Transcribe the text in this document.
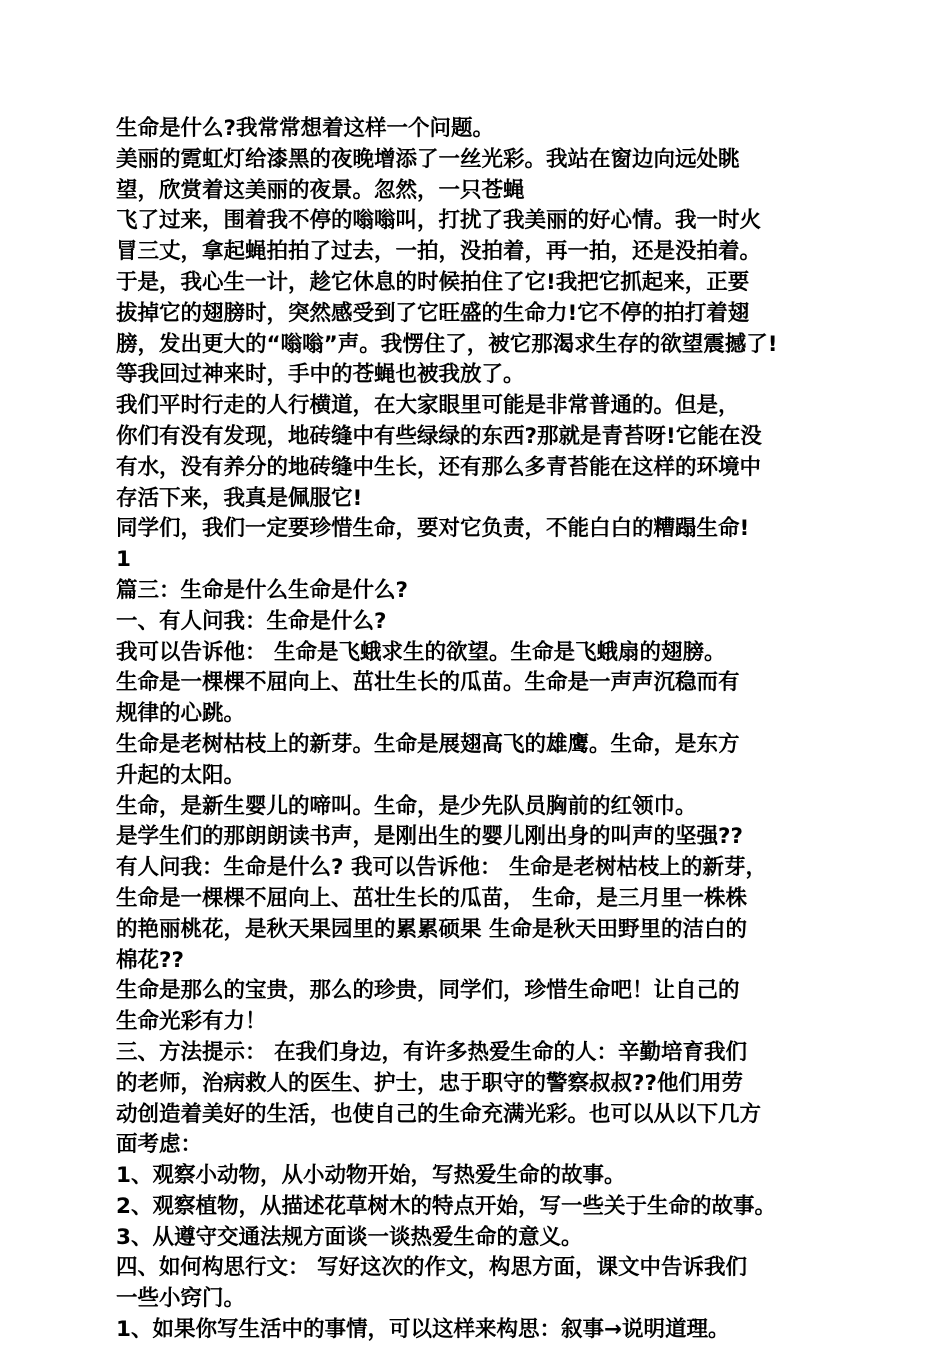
生命是什么?我常常想着这样一个问题。
美丽的霓虹灯给漆黑的夜晚增添了一丝光彩。我站在窗边向远处眺
望，欣赏着这美丽的夜景。忽然，一只苍蝇
飞了过来，围着我不停的嗡嗡叫，打扰了我美丽的好心情。我一时火
冒三丈，拿起蝇拍拍了过去，一拍，没拍着，再一拍，还是没拍着。
于是，我心生一计，趁它休息的时候拍住了它!我把它抓起来，正要
拔掉它的翅膀时，突然感受到了它旺盛的生命力!它不停的拍打着翅
膀，发出更大的“嗡嗡”声。我愣住了，被它那渴求生存的欲望震撼了!
等我回过神来时，手中的苍蝇也被我放了。
我们平时行走的人行横道，在大家眼里可能是非常普通的。但是，
你们有没有发现，地砖缝中有些绿绿的东西?那就是青苔呀!它能在没
有水，没有养分的地砖缝中生长，还有那么多青苔能在这样的环境中
存活下来，我真是佩服它!
同学们，我们一定要珍惜生命，要对它负责，不能白白的糟蹋生命!
1
篇三：生命是什么生命是什么?
一、有人问我：生命是什么?
我可以告诉他： 生命是飞蛾求生的欲望。生命是飞蛾扇的翅膀。
生命是一棵棵不屈向上、茁壮生长的瓜苗。生命是一声声沉稳而有
规律的心跳。
生命是老树枯枝上的新芽。生命是展翅高飞的雄鹰。生命，是东方
升起的太阳。
生命，是新生婴儿的啼叫。生命，是少先队员胸前的红领巾。
是学生们的那朗朗读书声，是刚出生的婴儿刚出身的叫声的坚强??
有人问我：生命是什么? 我可以告诉他： 生命是老树枯枝上的新芽，
生命是一棵棵不屈向上、茁壮生长的瓜苗， 生命，是三月里一株株
的艳丽桃花，是秋天果园里的累累硕果 生命是秋天田野里的洁白的
棉花??
生命是那么的宝贵，那么的珍贵，同学们，珍惜生命吧！让自己的
生命光彩有力！
三、方法提示： 在我们身边，有许多热爱生命的人：辛勤培育我们
的老师，治病救人的医生、护士，忠于职守的警察叔叔??他们用劳
动创造着美好的生活，也使自己的生命充满光彩。也可以从以下几方
面考虑：
1、观察小动物，从小动物开始，写热爱生命的故事。
2、观察植物，从描述花草树木的特点开始，写一些关于生命的故事。
3、从遵守交通法规方面谈一谈热爱生命的意义。
四、如何构思行文： 写好这次的作文，构思方面，课文中告诉我们
一些小窍门。
1、如果你写生活中的事情，可以这样来构思：叙事→说明道理。
